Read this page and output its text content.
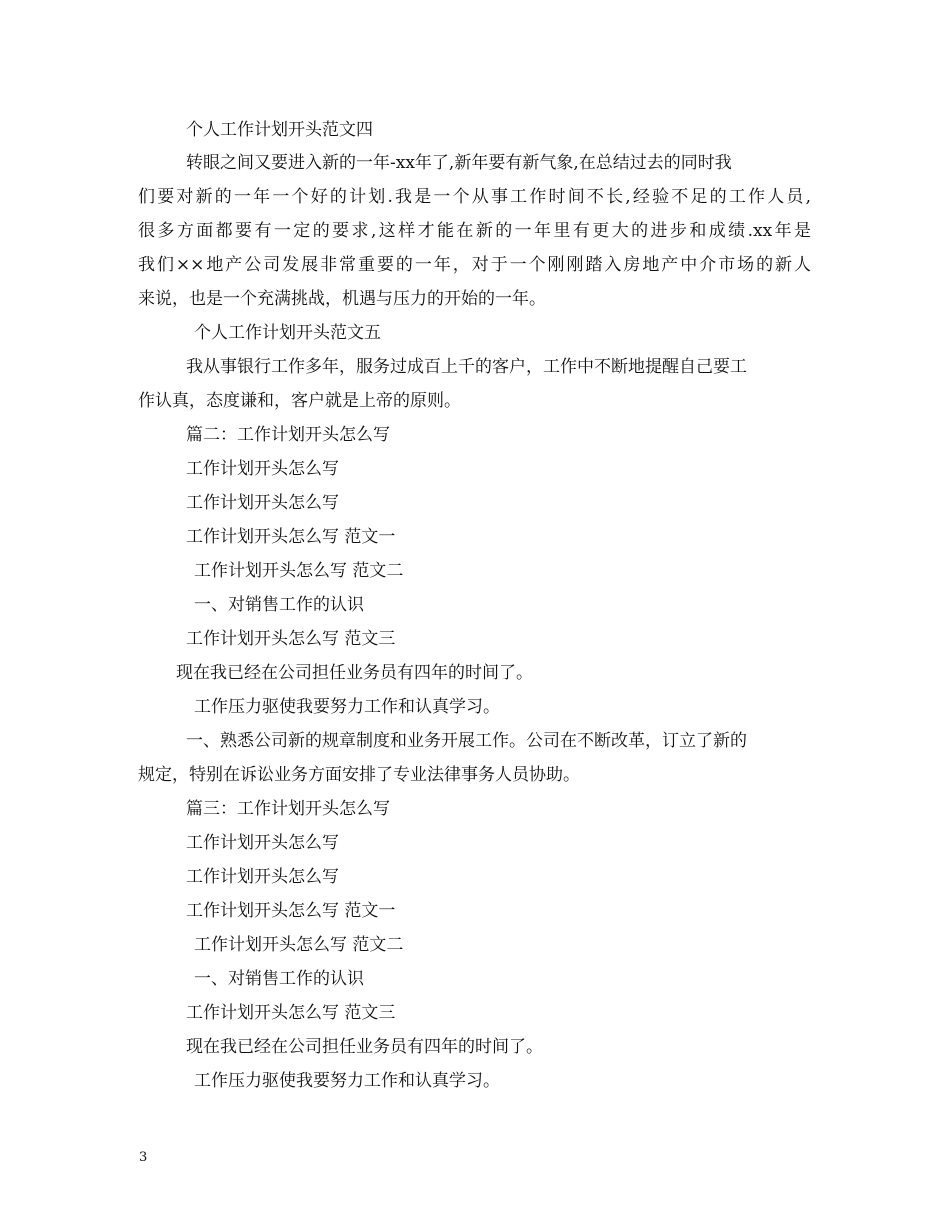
个人工作计划开头范文四
转眼之间又要进入新的一年-xx年了,新年要有新气象,在总结过去的同时我
们要对新的一年一个好的计划.我是一个从事工作时间不长,经验不足的工作人员,
很多方面都要有一定的要求,这样才能在新的一年里有更大的进步和成绩.xx年是
我们××地产公司发展非常重要的一年，对于一个刚刚踏入房地产中介市场的新人
来说，也是一个充满挑战，机遇与压力的开始的一年。
个人工作计划开头范文五
我从事银行工作多年，服务过成百上千的客户，工作中不断地提醒自己要工
作认真，态度谦和，客户就是上帝的原则。
篇二：工作计划开头怎么写
工作计划开头怎么写
工作计划开头怎么写
工作计划开头怎么写 范文一
工作计划开头怎么写 范文二
一、对销售工作的认识
工作计划开头怎么写 范文三
现在我已经在公司担任业务员有四年的时间了。
工作压力驱使我要努力工作和认真学习。
一、熟悉公司新的规章制度和业务开展工作。公司在不断改革，订立了新的
规定，特别在诉讼业务方面安排了专业法律事务人员协助。
篇三：工作计划开头怎么写
工作计划开头怎么写
工作计划开头怎么写
工作计划开头怎么写 范文一
工作计划开头怎么写 范文二
一、对销售工作的认识
工作计划开头怎么写 范文三
现在我已经在公司担任业务员有四年的时间了。
工作压力驱使我要努力工作和认真学习。
3
